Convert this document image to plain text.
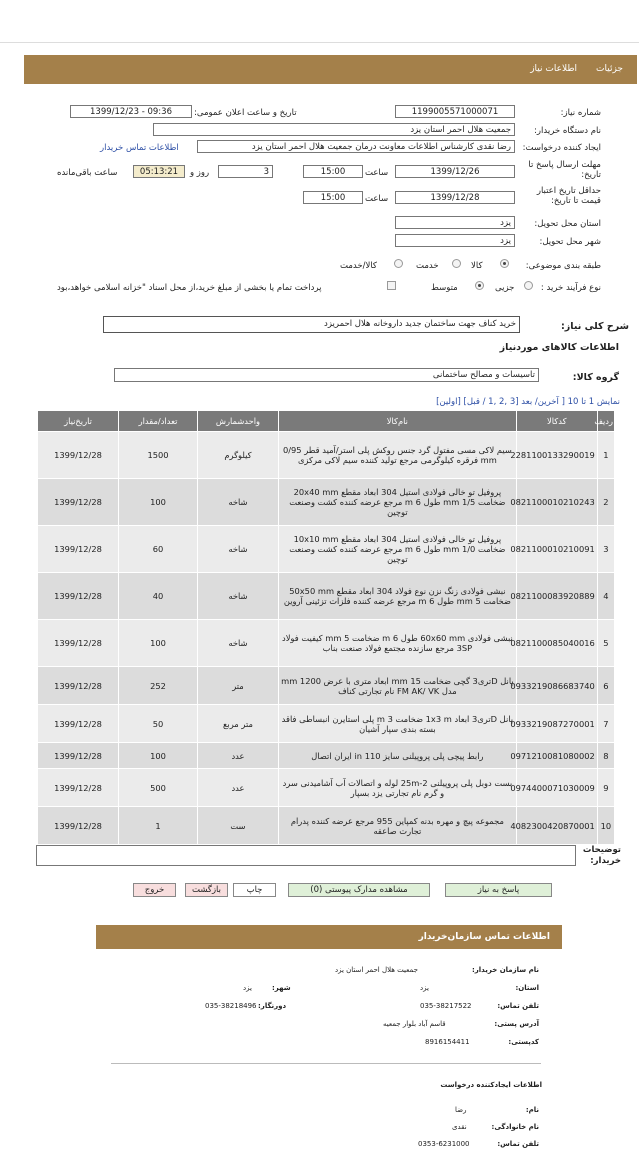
جزئیات
اطلاعات نیاز
شماره نیاز:
1199005571000071
تاریخ و ساعت اعلان عمومی:
1399/12/23 - 09:36
نام دستگاه خریدار:
جمعیت هلال احمر استان یزد
ایجاد کننده درخواست:
رضا نقدی کارشناس اطلاعات معاونت درمان جمعیت هلال احمر استان یزد
اطلاعات تماس خریدار
مهلت ارسال پاسخ تا تاریخ:
1399/12/26
ساعت
15:00
3
روز و
05:13:21
ساعت باقی‌مانده
حداقل تاریخ اعتبار قیمت تا تاریخ:
1399/12/28
ساعت
15:00
استان محل تحویل:
یزد
شهر محل تحویل:
یزد
طبقه بندی موضوعی:
کالا
خدمت
کالا/خدمت
نوع فرآیند خرید :
جزیی
متوسط
پرداخت تمام یا بخشی از مبلغ خرید،از محل اسناد "خزانه اسلامی خواهد،بود
شرح کلی نیاز:
خرید کناف جهت ساختمان جدید داروخانه هلال احمریزد
اطلاعات کالاهای موردنیاز
گروه کالا:
تاسیسات و مصالح ساختمانی
نمایش 1 تا 10 [ آخرین/ بعد [3 ,2 ,1 / قبل] [اولین]
ردیف	کدکالا	نام‌کالا	واحدشمارش	تعداد/مقدار	تاریخ‌نیاز
1	2281100133290019	سیم لاکی مسی مفتول گرد جنس روکش پلی استر/آمید قطر 0/95 mm فرقره کیلوگرمی مرجع تولید کننده سیم لاکی مرکزی	کیلوگرم	1500	1399/12/28
2	0821100010210243	پروفیل تو خالی فولادی استیل 304 ابعاد مقطع 20x40 mm ضخامت 1/5 mm طول 6 m مرجع عرضه کننده کشت وصنعت توچین	شاخه	100	1399/12/28
3	0821100010210091	پروفیل تو خالی فولادی استیل 304 ابعاد مقطع 10x10 mm ضخامت 1/0 mm طول 6 m مرجع عرضه کننده کشت وصنعت توچین	شاخه	60	1399/12/28
4	0821100083920889	نبشی فولادی زنگ نزن نوع فولاد 304 ابعاد مقطع 50x50 mm ضخامت 5 mm طول 6 m مرجع عرضه کننده فلزات تزئینی آروین	شاخه	40	1399/12/28
5	0821100085040016	نبشی فولادی 60x60 mm طول 6 m ضخامت 5 mm کیفیت فولاد 3SP مرجع سازنده مجتمع فولاد صنعت بناب	شاخه	100	1399/12/28
6	0933219086683740	پانل Dتری3 گچی ضخامت 15 mm ابعاد متری با عرض 1200 mm مدل FM AK/ VK نام تجارتی کناف	متر	252	1399/12/28
7	0933219087270001	پانل Dتری3 ابعاد 1x3 m ضخامت 3 m پلی استایرن انبساطی فاقد بسته بندی سپار آشیان	متر مربع	50	1399/12/28
8	0971210081080002	رابط پیچی پلی پروپیلنی سایز 110 in ایران اتصال	عدد	100	1399/12/28
9	0974400071030009	بست دوبل پلی پروپیلنی 2-25m لوله و اتصالات آب آشامیدنی سرد و گرم نام تجارتی یزد بسپار	عدد	500	1399/12/28
10	4082300420870001	مجموعه پیچ و مهره بدنه کمپاین 955 مرجع عرضه کننده پدرام تجارت صاعقه	ست	1	1399/12/28
توضیحات خریدار:
پاسخ به نیاز
مشاهده مدارک پیوستی (0)
چاپ
بازگشت
خروج
اطلاعات تماس سازمان‌خریدار
نام سازمان خریدار:
جمعیت هلال احمر استان یزد
استان:
یزد
شهر:
یزد
تلفن تماس:
035-38217522
دورنگار:
035-38218496
آدرس پستی:
قاسم آباد بلوار جمعیه
کدپستی:
8916154411
اطلاعات ایجادکننده درخواست
نام:
رضا
نام خانوادگی:
نقدی
تلفن تماس:
0353-6231000
